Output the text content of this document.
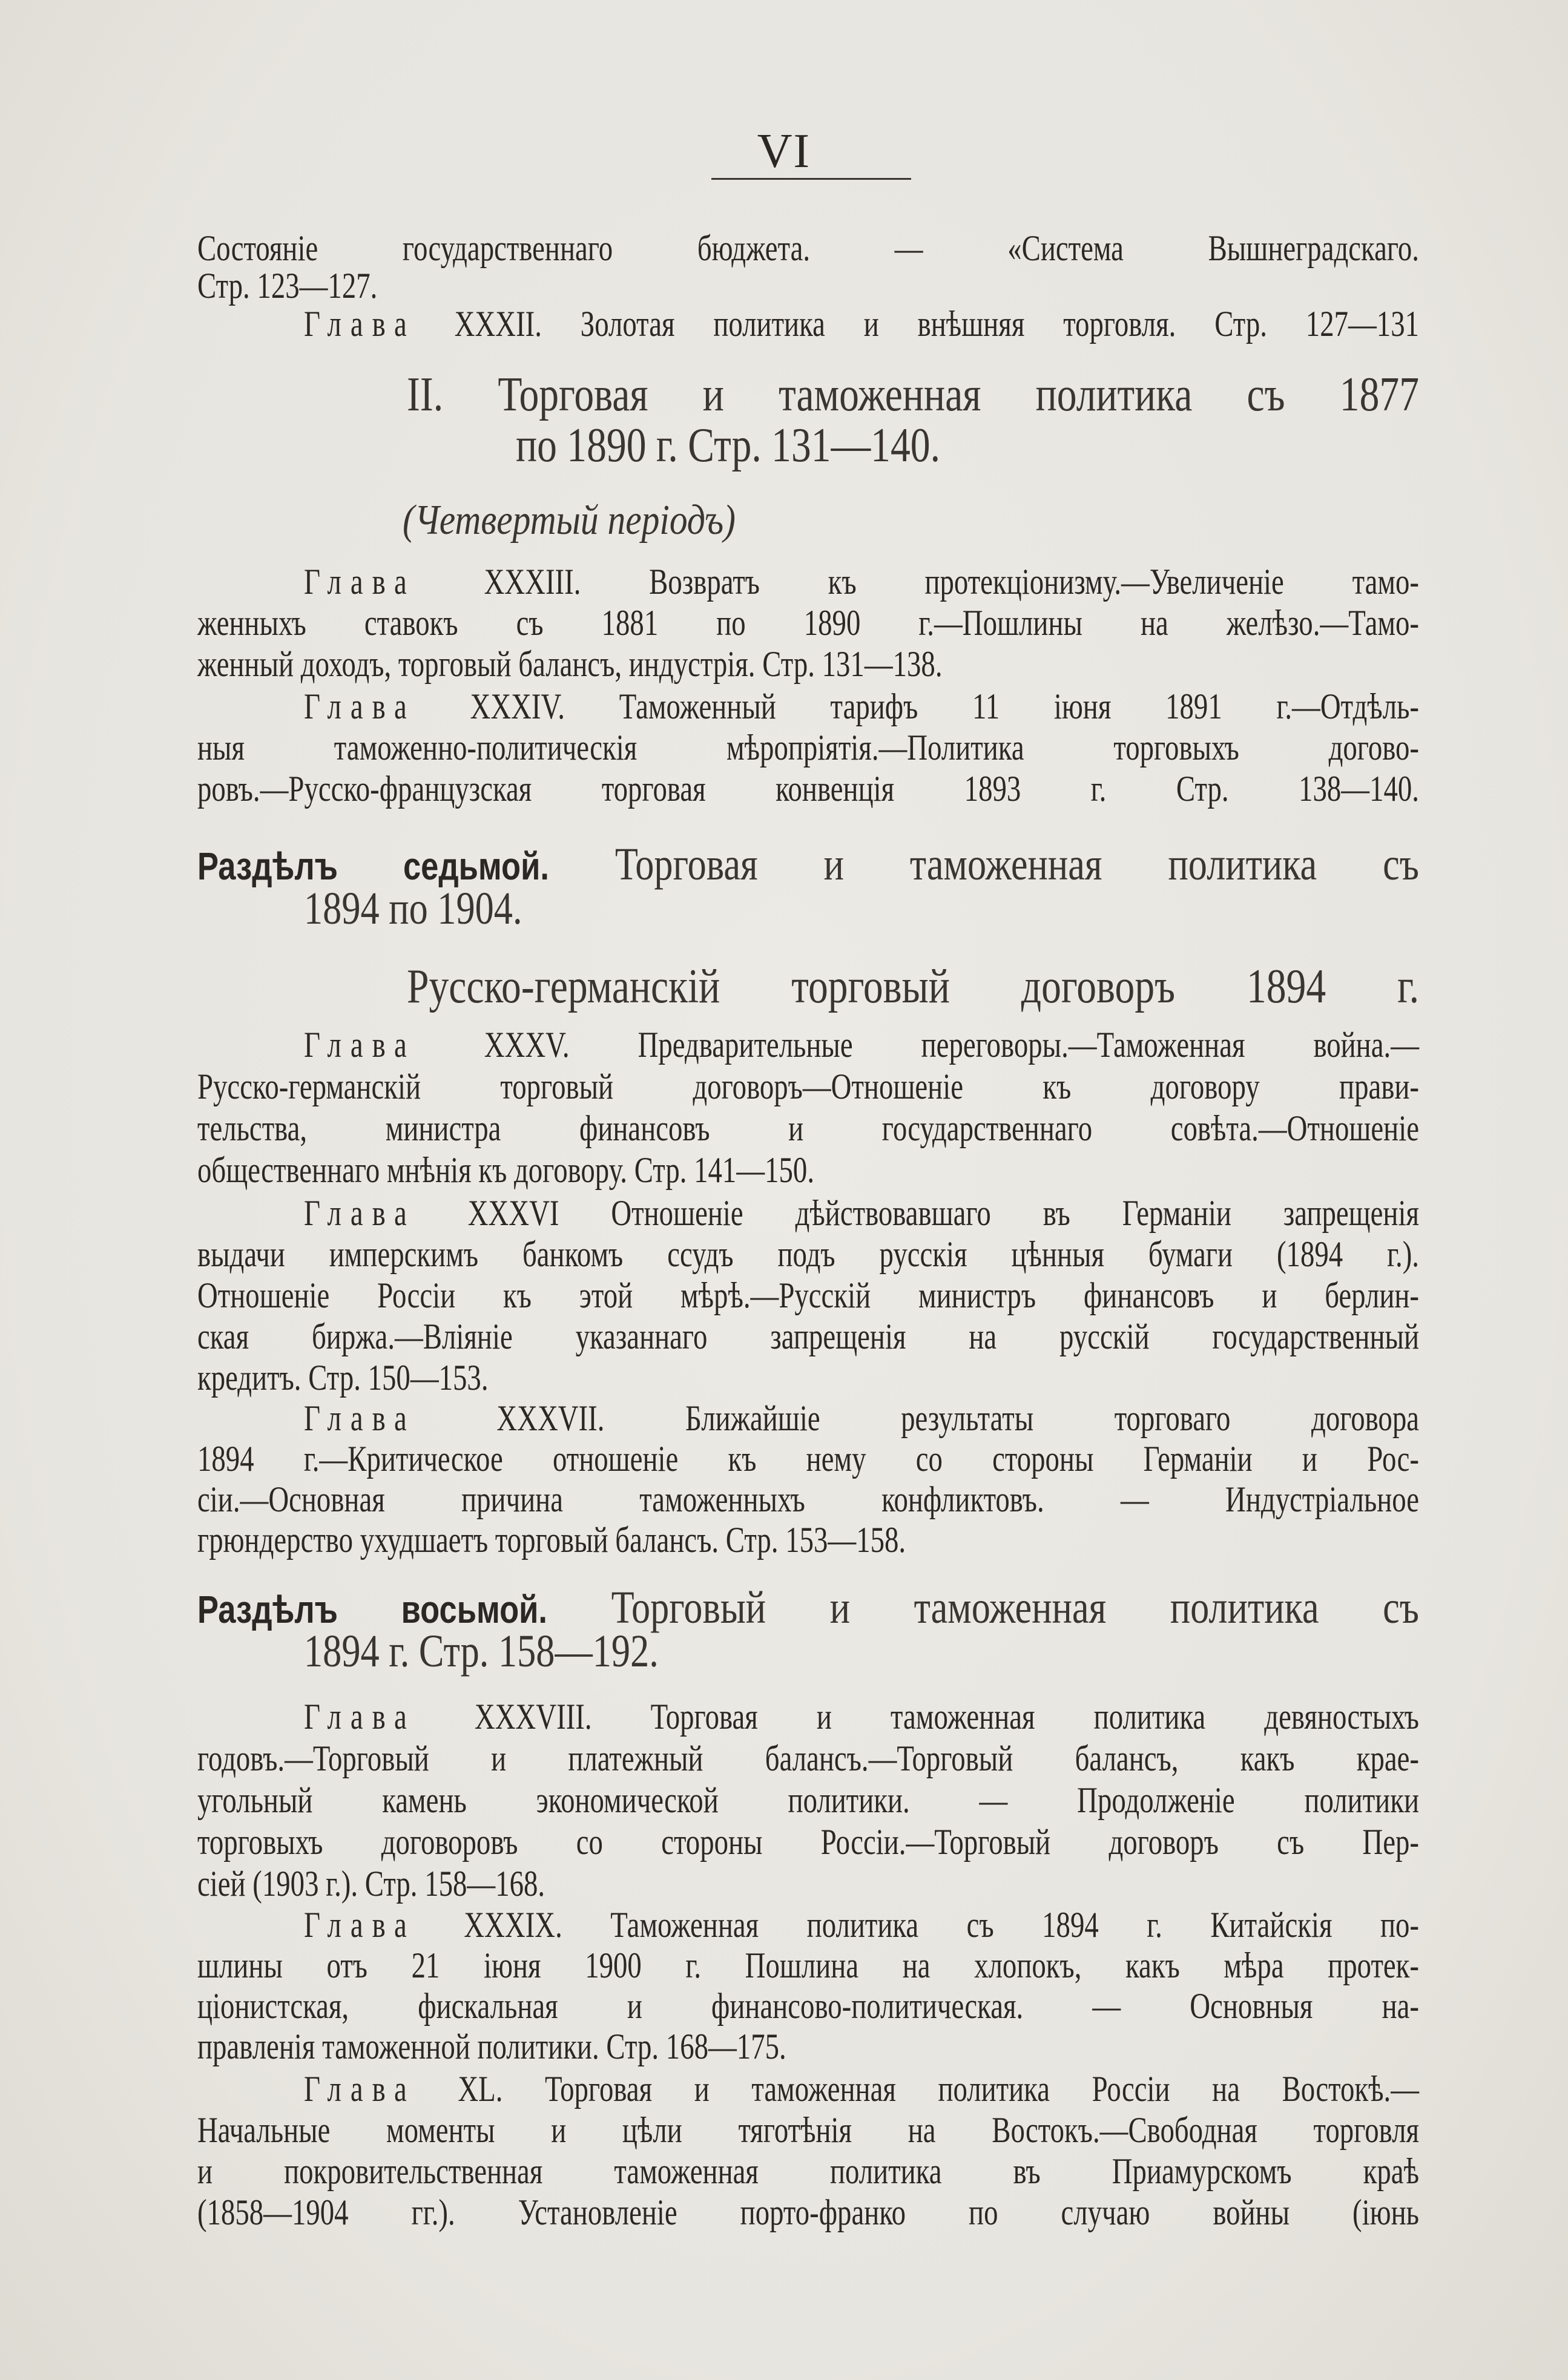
VI
Состояніе государственнаго бюджета. — «Система Вышнеградскаго.
Стр. 123—127.
Глава XXXII. Золотая политика и внѣшняя торговля. Стр. 127—131
II. Торговая и таможенная политика съ 1877
по 1890 г. Стр. 131—140.
(Четвертый періодъ)
Глава XXXIII. Возвратъ къ протекціонизму.—Увеличеніе тамо-
женныхъ ставокъ съ 1881 по 1890 г.—Пошлины на желѣзо.—Тамо-
женный доходъ, торговый балансъ, индустрія. Стр. 131—138.
Глава XXXIV. Таможенный тарифъ 11 іюня 1891 г.—Отдѣль-
ныя таможенно-политическія мѣропріятія.—Политика торговыхъ догово-
ровъ.—Русско-французская торговая конвенція 1893 г. Стр. 138—140.
Раздѣлъ седьмой. Торговая и таможенная политика съ
1894 по 1904.
Русско-германскій торговый договоръ 1894 г.
Глава XXXV. Предварительные переговоры.—Таможенная война.—
Русско-германскій торговый договоръ—Отношеніе къ договору прави-
тельства, министра финансовъ и государственнаго совѣта.—Отношеніе
общественнаго мнѣнія къ договору. Стр. 141—150.
Глава XXXVI Отношеніе дѣйствовавшаго въ Германіи запрещенія
выдачи имперскимъ банкомъ ссудъ подъ русскія цѣнныя бумаги (1894 г.).
Отношеніе Россіи къ этой мѣрѣ.—Русскій министръ финансовъ и берлин-
ская биржа.—Вліяніе указаннаго запрещенія на русскій государственный
кредитъ. Стр. 150—153.
Глава XXXVII. Ближайшіе результаты торговаго договора
1894 г.—Критическое отношеніе къ нему со стороны Германіи и Рос-
сіи.—Основная причина таможенныхъ конфликтовъ. — Индустріальное
грюндерство ухудшаетъ торговый балансъ. Стр. 153—158.
Раздѣлъ восьмой. Торговый и таможенная политика съ
1894 г. Стр. 158—192.
Глава XXXVIII. Торговая и таможенная политика девяностыхъ
годовъ.—Торговый и платежный балансъ.—Торговый балансъ, какъ крае-
угольный камень экономической политики. — Продолженіе политики
торговыхъ договоровъ со стороны Россіи.—Торговый договоръ съ Пер-
сіей (1903 г.). Стр. 158—168.
Глава XXXIX. Таможенная политика съ 1894 г. Китайскія по-
шлины отъ 21 іюня 1900 г. Пошлина на хлопокъ, какъ мѣра протек-
ціонистская, фискальная и финансово-политическая. — Основныя на-
правленія таможенной политики. Стр. 168—175.
Глава XL. Торговая и таможенная политика Россіи на Востокѣ.—
Начальные моменты и цѣли тяготѣнія на Востокъ.—Свободная торговля
и покровительственная таможенная политика въ Приамурскомъ краѣ
(1858—1904 гг.). Установленіе порто-франко по случаю войны (іюнь
